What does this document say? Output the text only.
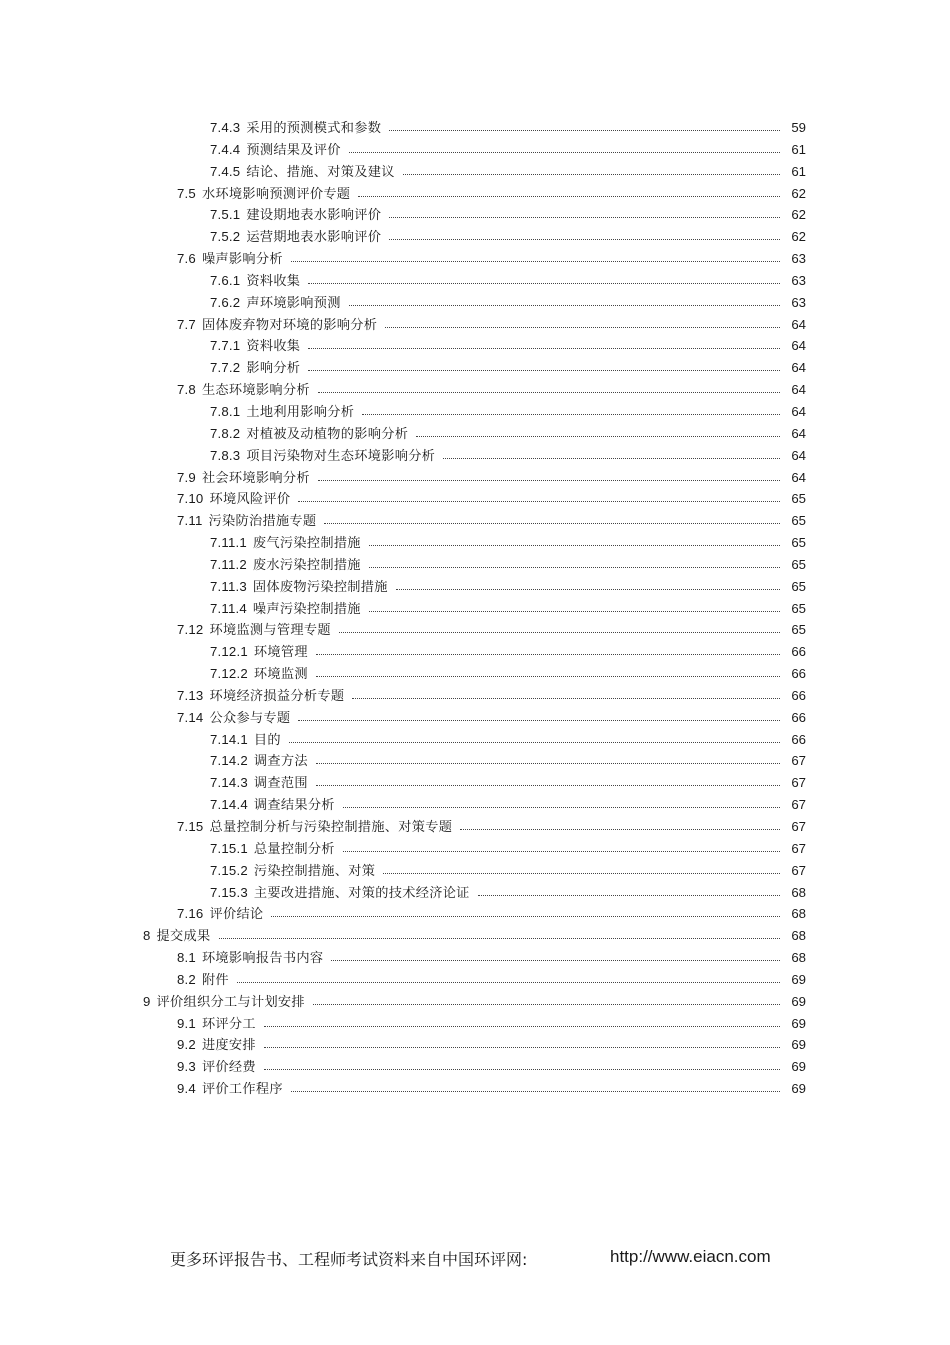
7.4.3 采用的预测模式和参数	59
7.4.4 预测结果及评价	61
7.4.5 结论、措施、对策及建议	61
7.5 水环境影响预测评价专题	62
7.5.1 建设期地表水影响评价	62
7.5.2 运营期地表水影响评价	62
7.6 噪声影响分析	63
7.6.1 资料收集	63
7.6.2 声环境影响预测	63
7.7 固体废弃物对环境的影响分析	64
7.7.1 资料收集	64
7.7.2 影响分析	64
7.8 生态环境影响分析	64
7.8.1 土地利用影响分析	64
7.8.2 对植被及动植物的影响分析	64
7.8.3 项目污染物对生态环境影响分析	64
7.9 社会环境影响分析	64
7.10 环境风险评价	65
7.11 污染防治措施专题	65
7.11.1 废气污染控制措施	65
7.11.2 废水污染控制措施	65
7.11.3 固体废物污染控制措施	65
7.11.4 噪声污染控制措施	65
7.12 环境监测与管理专题	65
7.12.1 环境管理	66
7.12.2 环境监测	66
7.13 环境经济损益分析专题	66
7.14 公众参与专题	66
7.14.1 目的	66
7.14.2 调查方法	67
7.14.3 调查范围	67
7.14.4 调查结果分析	67
7.15 总量控制分析与污染控制措施、对策专题	67
7.15.1 总量控制分析	67
7.15.2 污染控制措施、对策	67
7.15.3 主要改进措施、对策的技术经济论证	68
7.16 评价结论	68
8 提交成果	68
8.1 环境影响报告书内容	68
8.2 附件	69
9 评价组织分工与计划安排	69
9.1 环评分工	69
9.2 进度安排	69
9.3 评价经费	69
9.4 评价工作程序	69
更多环评报告书、工程师考试资料来自中国环评网:	http://www.eiacn.com
